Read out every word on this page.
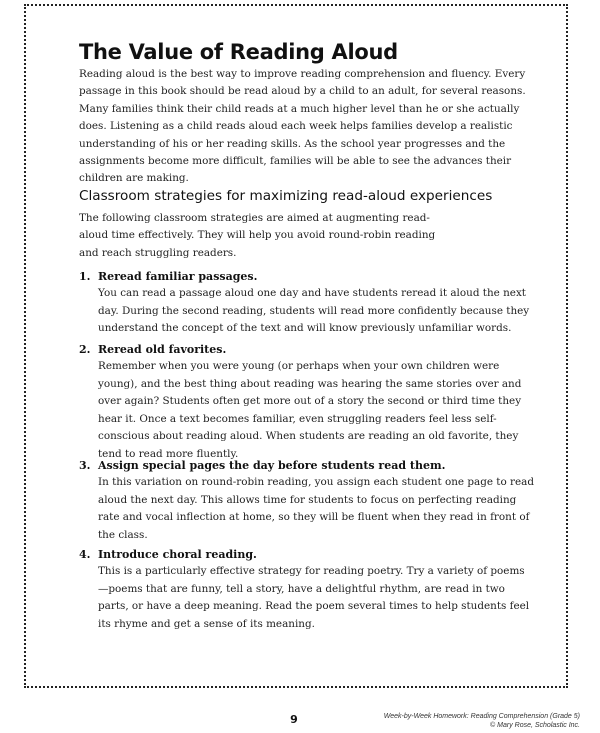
The Value of Reading Aloud

Reading aloud is the best way to improve reading comprehension and fluency. Every passage in this book should be read aloud by a child to an adult, for several reasons. Many families think their child reads at a much higher level than he or she actually does. Listening as a child reads aloud each week helps families develop a realistic understanding of his or her reading skills. As the school year progresses and the assignments become more difficult, families will be able to see the advances their children are making.

Classroom strategies for maximizing read-aloud experiences

The following classroom strategies are aimed at augmenting read-aloud time effectively. They will help you avoid round-robin reading and reach struggling readers.

1. Reread familiar passages.

You can read a passage aloud one day and have students reread it aloud the next day. During the second reading, students will read more confidently because they understand the concept of the text and will know previously unfamiliar words.

2. Reread old favorites.

Remember when you were young (or perhaps when your own children were young), and the best thing about reading was hearing the same stories over and over again? Students often get more out of a story the second or third time they hear it. Once a text becomes familiar, even struggling readers feel less self-conscious about reading aloud. When students are reading an old favorite, they tend to read more fluently.

3. Assign special pages the day before students read them.

In this variation on round-robin reading, you assign each student one page to read aloud the next day. This allows time for students to focus on perfecting reading rate and vocal inflection at home, so they will be fluent when they read in front of the class.

4. Introduce choral reading.

This is a particularly effective strategy for reading poetry. Try a variety of poems—poems that are funny, tell a story, have a delightful rhythm, are read in two parts, or have a deep meaning. Read the poem several times to help students feel its rhyme and get a sense of its meaning.

9	Week-by-Week Homework: Reading Comprehension (Grade 5)
© Mary Rose, Scholastic Inc.
